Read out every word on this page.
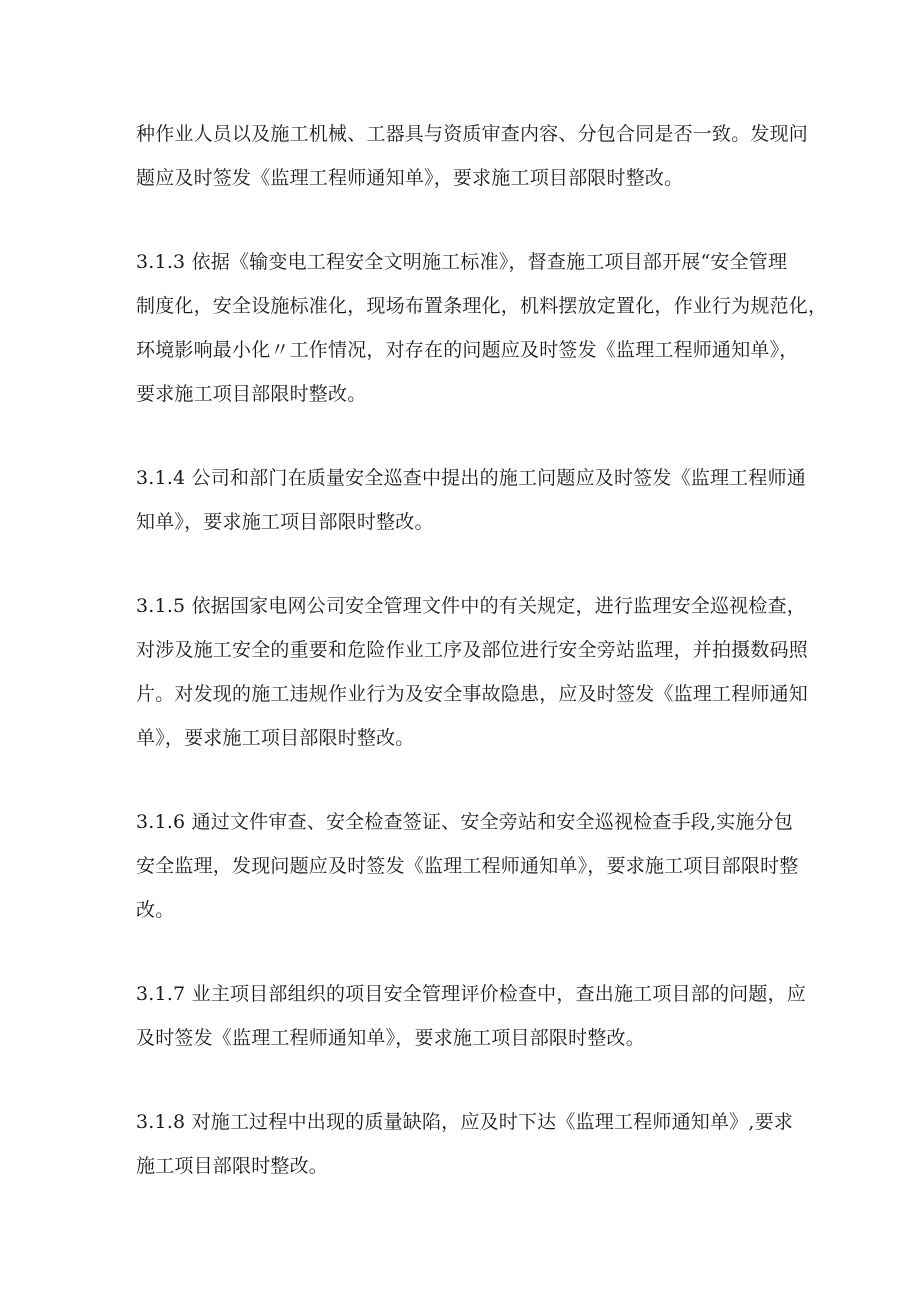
种作业人员以及施工机械、工器具与资质审查内容、分包合同是否一致。发现问
题应及时签发《监理工程师通知单》，要求施工项目部限时整改。

3.1.3 依据《输变电工程安全文明施工标准》，督查施工项目部开展“安全管理
制度化，安全设施标准化，现场布置条理化，机料摆放定置化，作业行为规范化，
环境影响最小化〃工作情况，对存在的问题应及时签发《监理工程师通知单》，
要求施工项目部限时整改。

3.1.4 公司和部门在质量安全巡查中提出的施工问题应及时签发《监理工程师通
知单》，要求施工项目部限时整改。

3.1.5 依据国家电网公司安全管理文件中的有关规定，进行监理安全巡视检查，
对涉及施工安全的重要和危险作业工序及部位进行安全旁站监理，并拍摄数码照
片。对发现的施工违规作业行为及安全事故隐患，应及时签发《监理工程师通知
单》，要求施工项目部限时整改。

3.1.6 通过文件审查、安全检查签证、安全旁站和安全巡视检查手段,实施分包
安全监理，发现问题应及时签发《监理工程师通知单》，要求施工项目部限时整
改。

3.1.7 业主项目部组织的项目安全管理评价检查中，查出施工项目部的问题，应
及时签发《监理工程师通知单》，要求施工项目部限时整改。

3.1.8 对施工过程中出现的质量缺陷，应及时下达《监理工程师通知单》,要求
施工项目部限时整改。
